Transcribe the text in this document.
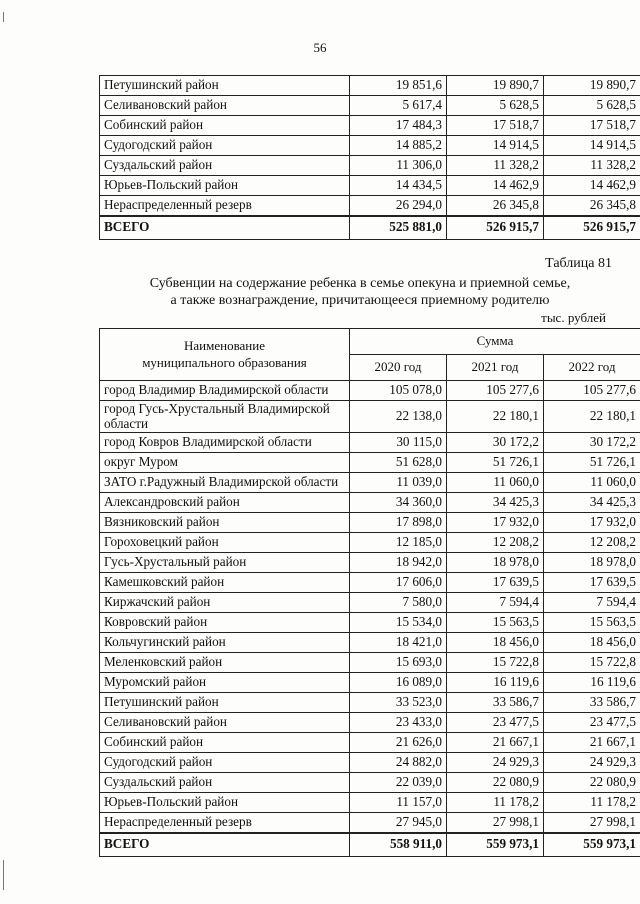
56
Петушинский район	19 851,6	19 890,7	19 890,7
Селивановский район	5 617,4	5 628,5	5 628,5
Собинский район	17 484,3	17 518,7	17 518,7
Судогодский район	14 885,2	14 914,5	14 914,5
Суздальский район	11 306,0	11 328,2	11 328,2
Юрьев-Польский район	14 434,5	14 462,9	14 462,9
Нераспределенный резерв	26 294,0	26 345,8	26 345,8
ВСЕГО	525 881,0	526 915,7	526 915,7
Таблица 81
Субвенции на содержание ребенка в семье опекуна и приемной семье,
а также вознаграждение, причитающееся приемному родителю
тыс. рублей
Наименование
муниципального образования	Сумма		
	2020 год	2021 год	2022 год
город Владимир Владимирской области	105 078,0	105 277,6	105 277,6
город Гусь-Хрустальный Владимирской области	22 138,0	22 180,1	22 180,1
город Ковров Владимирской области	30 115,0	30 172,2	30 172,2
округ Муром	51 628,0	51 726,1	51 726,1
ЗАТО г.Радужный Владимирской области	11 039,0	11 060,0	11 060,0
Александровский район	34 360,0	34 425,3	34 425,3
Вязниковский район	17 898,0	17 932,0	17 932,0
Гороховецкий район	12 185,0	12 208,2	12 208,2
Гусь-Хрустальный район	18 942,0	18 978,0	18 978,0
Камешковский район	17 606,0	17 639,5	17 639,5
Киржачский район	7 580,0	7 594,4	7 594,4
Ковровский район	15 534,0	15 563,5	15 563,5
Кольчугинский район	18 421,0	18 456,0	18 456,0
Меленковский район	15 693,0	15 722,8	15 722,8
Муромский район	16 089,0	16 119,6	16 119,6
Петушинский район	33 523,0	33 586,7	33 586,7
Селивановский район	23 433,0	23 477,5	23 477,5
Собинский район	21 626,0	21 667,1	21 667,1
Судогодский район	24 882,0	24 929,3	24 929,3
Суздальский район	22 039,0	22 080,9	22 080,9
Юрьев-Польский район	11 157,0	11 178,2	11 178,2
Нераспределенный резерв	27 945,0	27 998,1	27 998,1
ВСЕГО	558 911,0	559 973,1	559 973,1
